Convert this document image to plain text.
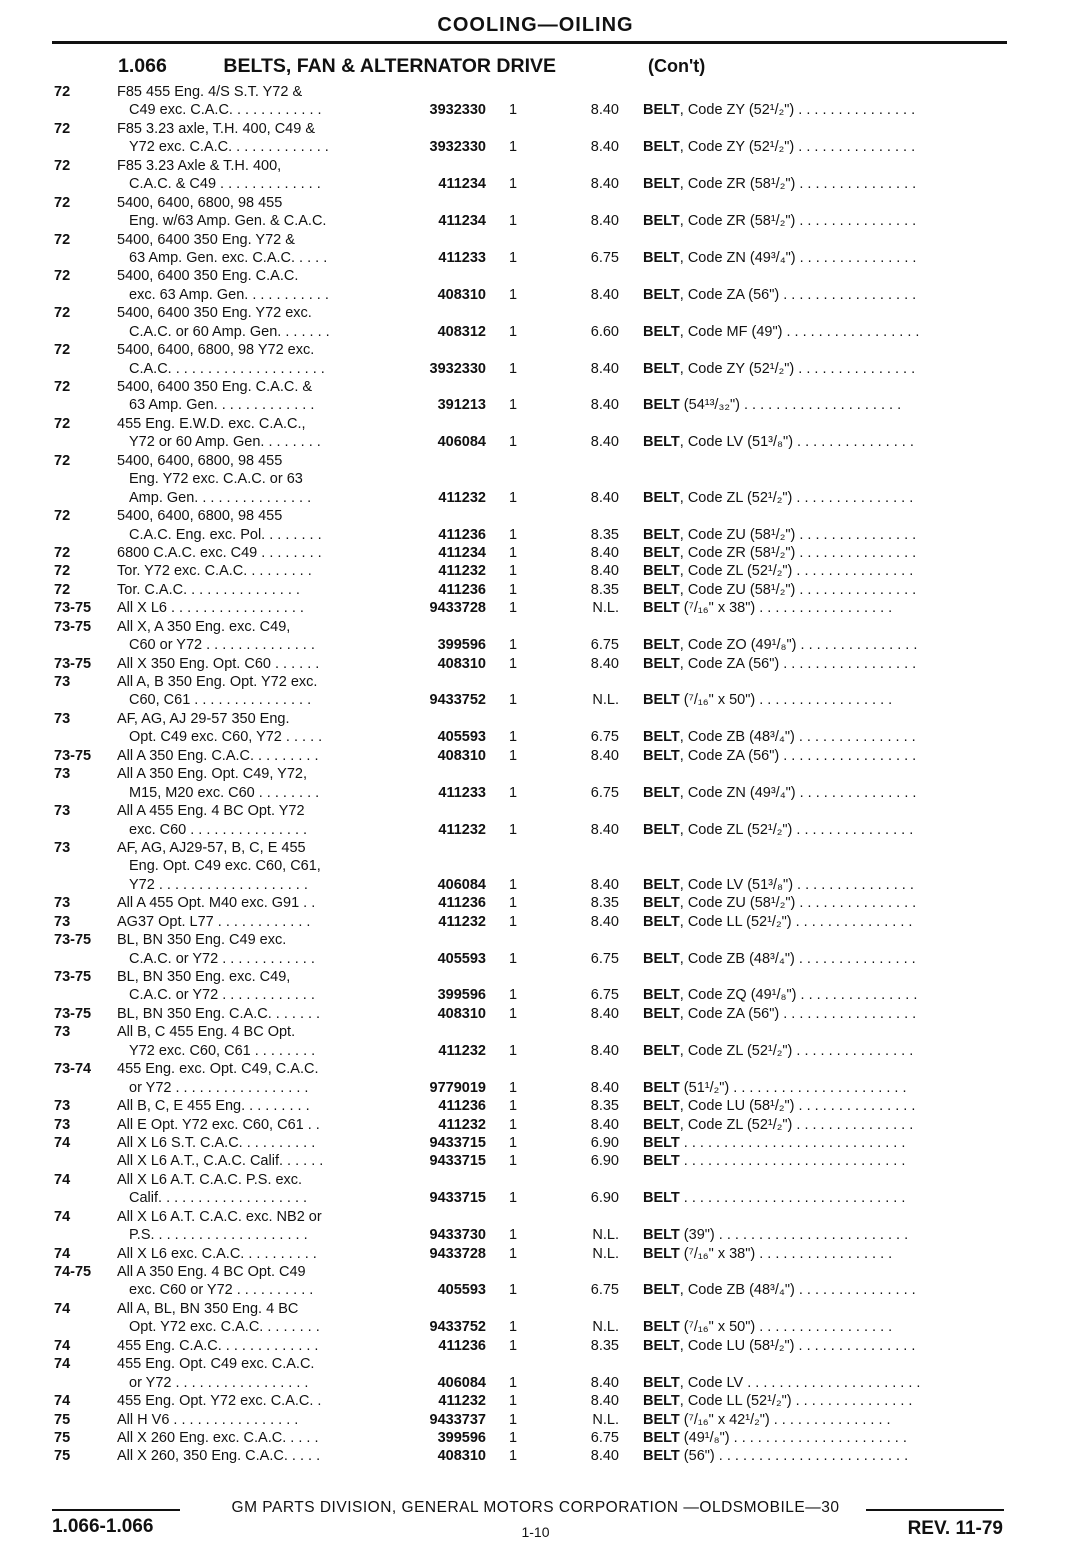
COOLING—OILING
1.066	BELTS, FAN & ALTERNATOR DRIVE	(Con't)
72	F85 455 Eng. 4/S S.T. Y72 &
C49 exc. C.A.C. . . . . . . . . . . .	3932330 1	8.40 BELT, Code ZY (52¹/₂") . . . . . . . . . . . . . . .
72	F85 3.23 axle, T.H. 400, C49 &
Y72 exc. C.A.C. . . . . . . . . . . . .	3932330 1	8.40 BELT, Code ZY (52¹/₂") . . . . . . . . . . . . . . .
72	F85 3.23 Axle & T.H. 400,
C.A.C. & C49 . . . . . . . . . . . . .	411234 1	8.40 BELT, Code ZR (58¹/₂") . . . . . . . . . . . . . . .
72	5400, 6400, 6800, 98 455
Eng. w/63 Amp. Gen. & C.A.C.	411234 1	8.40 BELT, Code ZR (58¹/₂") . . . . . . . . . . . . . . .
72	5400, 6400 350 Eng. Y72 &
63 Amp. Gen. exc. C.A.C. . . . .	411233 1	6.75 BELT, Code ZN (49³/₄") . . . . . . . . . . . . . . .
72	5400, 6400 350 Eng. C.A.C.
exc. 63 Amp. Gen. . . . . . . . . . .	408310 1	8.40 BELT, Code ZA (56") . . . . . . . . . . . . . . . . .
72	5400, 6400 350 Eng. Y72 exc.
C.A.C. or 60 Amp. Gen. . . . . . .	408312 1	6.60 BELT, Code MF (49") . . . . . . . . . . . . . . . . .
72	5400, 6400, 6800, 98 Y72 exc.
C.A.C. . . . . . . . . . . . . . . . . . . .	3932330 1	8.40 BELT, Code ZY (52¹/₂") . . . . . . . . . . . . . . .
72	5400, 6400 350 Eng. C.A.C. &
63 Amp. Gen. . . . . . . . . . . . .	391213 1	8.40 BELT (54¹³/₃₂") . . . . . . . . . . . . . . . . . . . .
72	455 Eng. E.W.D. exc. C.A.C.,
Y72 or 60 Amp. Gen. . . . . . . .	406084 1	8.40 BELT, Code LV (51³/₈") . . . . . . . . . . . . . . .
72	5400, 6400, 6800, 98 455
Eng. Y72 exc. C.A.C. or 63
Amp. Gen. . . . . . . . . . . . . . .	411232 1	8.40 BELT, Code ZL (52¹/₂") . . . . . . . . . . . . . . .
72	5400, 6400, 6800, 98 455
C.A.C. Eng. exc. Pol. . . . . . . .	411236 1	8.35 BELT, Code ZU (58¹/₂") . . . . . . . . . . . . . . .
72	6800 C.A.C. exc. C49 . . . . . . . .	411234 1	8.40 BELT, Code ZR (58¹/₂") . . . . . . . . . . . . . . .
72	Tor. Y72 exc. C.A.C. . . . . . . . .	411232 1	8.40 BELT, Code ZL (52¹/₂") . . . . . . . . . . . . . . .
72	Tor. C.A.C. . . . . . . . . . . . . . .	411236 1	8.35 BELT, Code ZU (58¹/₂") . . . . . . . . . . . . . . .
73-75	All X L6 . . . . . . . . . . . . . . . . .	9433728 1	N.L. BELT (⁷/₁₆" x 38") . . . . . . . . . . . . . . . . .
73-75	All X, A 350 Eng. exc. C49,
C60 or Y72 . . . . . . . . . . . . . .	399596 1	6.75 BELT, Code ZO (49¹/₈") . . . . . . . . . . . . . . .
73-75	All X 350 Eng. Opt. C60 . . . . . .	408310 1	8.40 BELT, Code ZA (56") . . . . . . . . . . . . . . . . .
73	All A, B 350 Eng. Opt. Y72 exc.
C60, C61 . . . . . . . . . . . . . . .	9433752 1	N.L. BELT (⁷/₁₆" x 50") . . . . . . . . . . . . . . . . .
73	AF, AG, AJ 29-57 350 Eng.
Opt. C49 exc. C60, Y72 . . . . .	405593 1	6.75 BELT, Code ZB (48³/₄") . . . . . . . . . . . . . . .
73-75	All A 350 Eng. C.A.C. . . . . . . . .	408310 1	8.40 BELT, Code ZA (56") . . . . . . . . . . . . . . . . .
73	All A 350 Eng. Opt. C49, Y72,
M15, M20 exc. C60 . . . . . . . .	411233 1	6.75 BELT, Code ZN (49³/₄") . . . . . . . . . . . . . . .
73	All A 455 Eng. 4 BC Opt. Y72
exc. C60 . . . . . . . . . . . . . . .	411232 1	8.40 BELT, Code ZL (52¹/₂") . . . . . . . . . . . . . . .
73	AF, AG, AJ29-57, B, C, E 455
Eng. Opt. C49 exc. C60, C61,
Y72 . . . . . . . . . . . . . . . . . . .	406084 1	8.40 BELT, Code LV (51³/₈") . . . . . . . . . . . . . . .
73	All A 455 Opt. M40 exc. G91 . .	411236 1	8.35 BELT, Code ZU (58¹/₂") . . . . . . . . . . . . . . .
73	AG37 Opt. L77 . . . . . . . . . . . .	411232 1	8.40 BELT, Code LL (52¹/₂") . . . . . . . . . . . . . . .
73-75	BL, BN 350 Eng. C49 exc.
C.A.C. or Y72 . . . . . . . . . . . .	405593 1	6.75 BELT, Code ZB (48³/₄") . . . . . . . . . . . . . . .
73-75	BL, BN 350 Eng. exc. C49,
C.A.C. or Y72 . . . . . . . . . . . .	399596 1	6.75 BELT, Code ZQ (49¹/₈") . . . . . . . . . . . . . . .
73-75	BL, BN 350 Eng. C.A.C. . . . . . .	408310 1	8.40 BELT, Code ZA (56") . . . . . . . . . . . . . . . . .
73	All B, C 455 Eng. 4 BC Opt.
Y72 exc. C60, C61 . . . . . . . .	411232 1	8.40 BELT, Code ZL (52¹/₂") . . . . . . . . . . . . . . .
73-74	455 Eng. exc. Opt. C49, C.A.C.
or Y72 . . . . . . . . . . . . . . . . .	9779019 1	8.40 BELT (51¹/₂") . . . . . . . . . . . . . . . . . . . . . .
73	All B, C, E 455 Eng. . . . . . . . .	411236 1	8.35 BELT, Code LU (58¹/₂") . . . . . . . . . . . . . . .
73	All E Opt. Y72 exc. C60, C61 . .	411232 1	8.40 BELT, Code ZL (52¹/₂") . . . . . . . . . . . . . . .
74	All X L6 S.T. C.A.C. . . . . . . . . .	9433715 1	6.90 BELT . . . . . . . . . . . . . . . . . . . . . . . . . . . .
All X L6 A.T., C.A.C. Calif. . . . . .	9433715 1	6.90 BELT . . . . . . . . . . . . . . . . . . . . . . . . . . . .
74	All X L6 A.T. C.A.C. P.S. exc.
Calif. . . . . . . . . . . . . . . . . . .	9433715 1	6.90 BELT . . . . . . . . . . . . . . . . . . . . . . . . . . . .
74	All X L6 A.T. C.A.C. exc. NB2 or
P.S. . . . . . . . . . . . . . . . . . . .	9433730 1	N.L. BELT (39") . . . . . . . . . . . . . . . . . . . . . . . .
74	All X L6 exc. C.A.C. . . . . . . . . .	9433728 1	N.L. BELT (⁷/₁₆" x 38") . . . . . . . . . . . . . . . . .
74-75	All A 350 Eng. 4 BC Opt. C49
exc. C60 or Y72 . . . . . . . . . .	405593 1	6.75 BELT, Code ZB (48³/₄") . . . . . . . . . . . . . . .
74	All A, BL, BN 350 Eng. 4 BC
Opt. Y72 exc. C.A.C. . . . . . . .	9433752 1	N.L. BELT (⁷/₁₆" x 50") . . . . . . . . . . . . . . . . .
74	455 Eng. C.A.C. . . . . . . . . . . . .	411236 1	8.35 BELT, Code LU (58¹/₂") . . . . . . . . . . . . . . .
74	455 Eng. Opt. C49 exc. C.A.C.
or Y72 . . . . . . . . . . . . . . . . .	406084 1	8.40 BELT, Code LV . . . . . . . . . . . . . . . . . . . . . .
74	455 Eng. Opt. Y72 exc. C.A.C. .	411232 1	8.40 BELT, Code LL (52¹/₂") . . . . . . . . . . . . . . .
75	All H V6 . . . . . . . . . . . . . . . .	9433737 1	N.L. BELT (⁷/₁₆" x 42¹/₂") . . . . . . . . . . . . . . .
75	All X 260 Eng. exc. C.A.C. . . . .	399596 1	6.75 BELT (49¹/₈") . . . . . . . . . . . . . . . . . . . . . .
75	All X 260, 350 Eng. C.A.C. . . . .	408310 1	8.40 BELT (56") . . . . . . . . . . . . . . . . . . . . . . . .
GM PARTS DIVISION, GENERAL MOTORS CORPORATION —OLDSMOBILE—30
1.066-1.066	1-10	REV. 11-79
